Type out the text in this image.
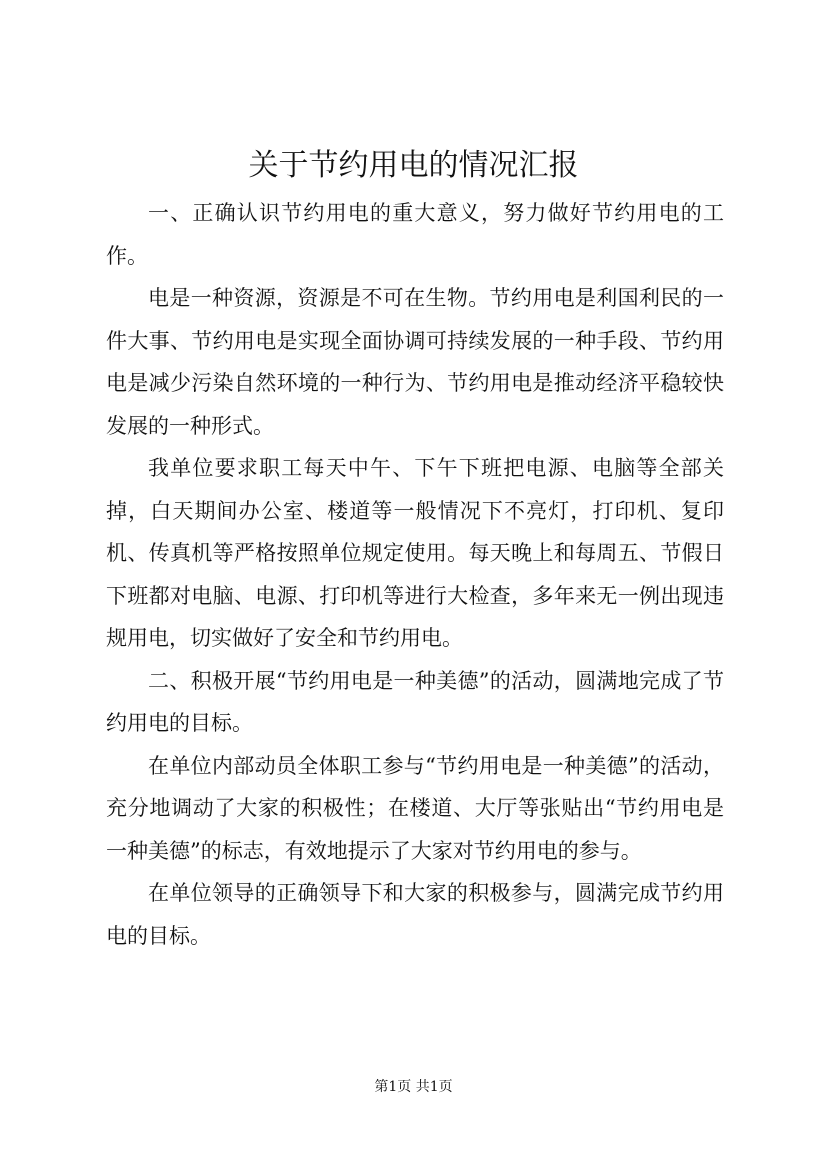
关于节约用电的情况汇报

一、正确认识节约用电的重大意义，努力做好节约用电的工作。

电是一种资源，资源是不可在生物。节约用电是利国利民的一件大事、节约用电是实现全面协调可持续发展的一种手段、节约用电是减少污染自然环境的一种行为、节约用电是推动经济平稳较快发展的一种形式。

我单位要求职工每天中午、下午下班把电源、电脑等全部关掉，白天期间办公室、楼道等一般情况下不亮灯，打印机、复印机、传真机等严格按照单位规定使用。每天晚上和每周五、节假日下班都对电脑、电源、打印机等进行大检查，多年来无一例出现违规用电，切实做好了安全和节约用电。

二、积极开展“节约用电是一种美德”的活动，圆满地完成了节约用电的目标。

在单位内部动员全体职工参与“节约用电是一种美德”的活动，充分地调动了大家的积极性；在楼道、大厅等张贴出“节约用电是一种美德”的标志，有效地提示了大家对节约用电的参与。

在单位领导的正确领导下和大家的积极参与，圆满完成节约用电的目标。

第1页 共1页
